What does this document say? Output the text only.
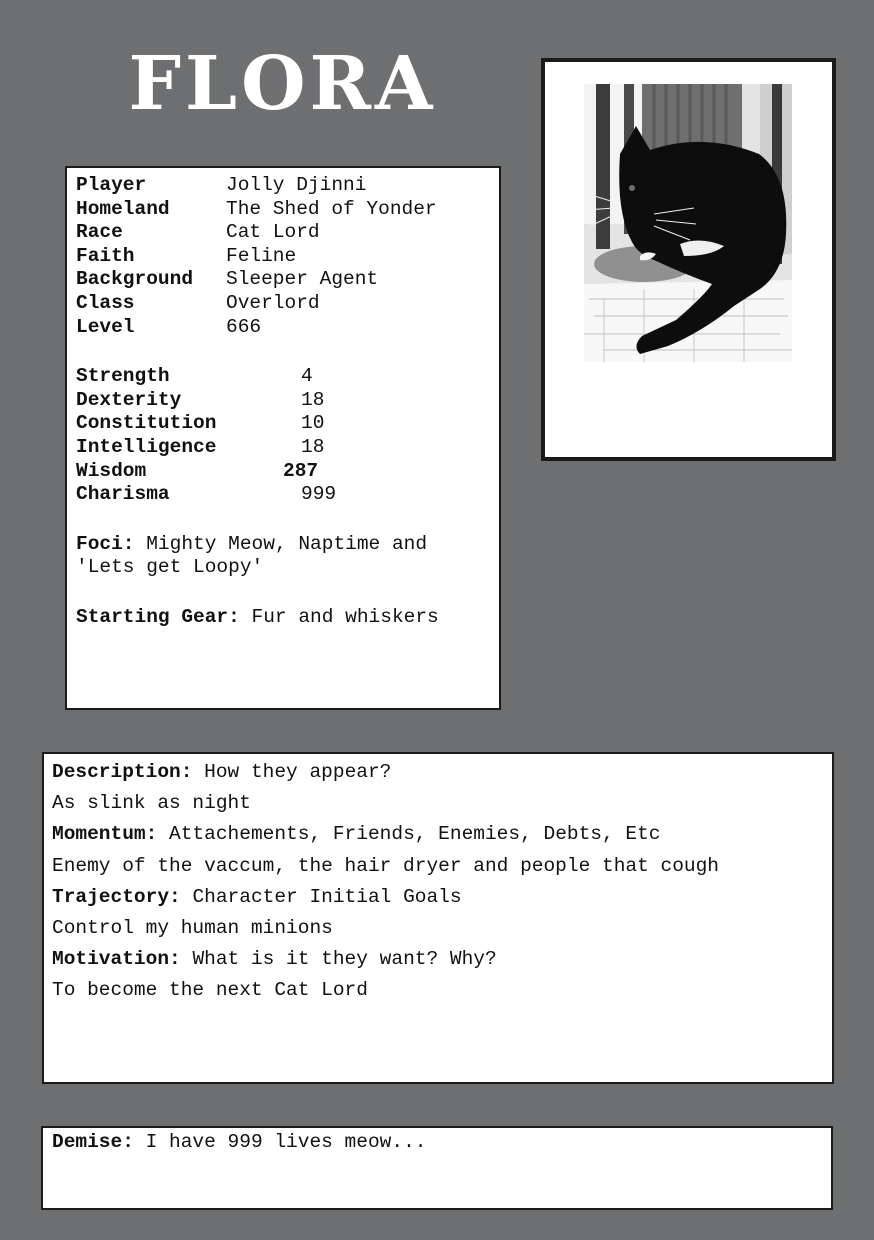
FLORA
Player	Jolly Djinni
Homeland	The Shed of Yonder
Race	Cat Lord
Faith	Feline
Background	Sleeper Agent
Class	Overlord
Level	666
Strength	4
Dexterity	18
Constitution	10
Intelligence	18
Wisdom	287
Charisma	999
Foci: Mighty Meow, Naptime and 'Lets get Loopy'
Starting Gear:
Fur and whiskers
Description: How they appear?
As slink as night
Momentum: Attachements, Friends, Enemies, Debts, Etc
Enemy of the vaccum, the hair dryer and people that cough
Trajectory: Character Initial Goals
Control my human minions
Motivation: What is it they want? Why?
To become the next Cat Lord
Demise:
I have 999 lives meow...
